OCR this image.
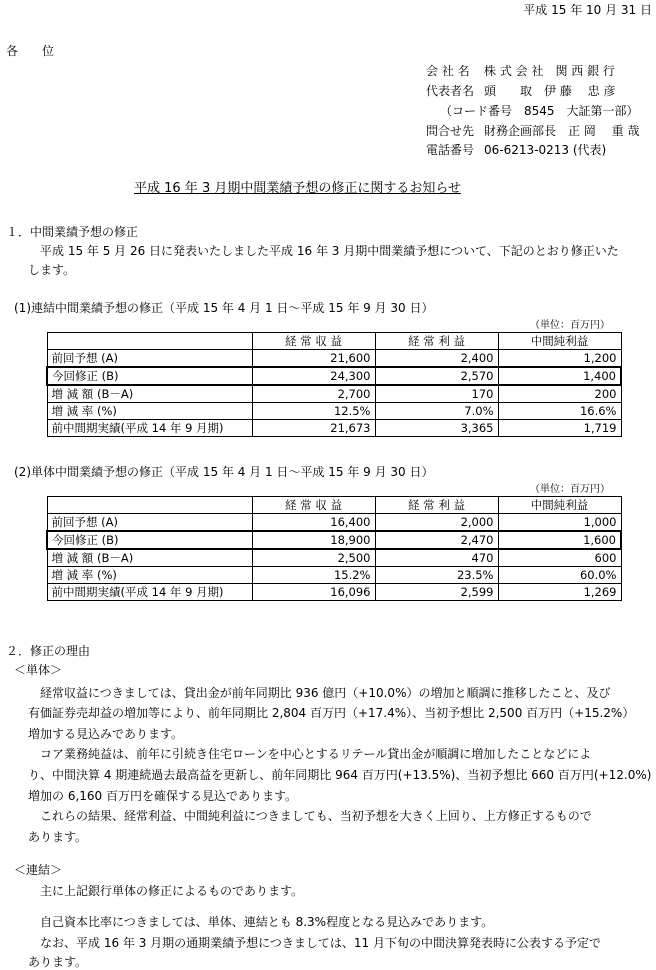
平成 15 年 10 月 31 日
各　　位
会 社 名 株 式 会 社　関 西 銀 行
代表者名 頭　　取　伊 藤　 忠 彦
（コード番号　8545　大証第一部）
問合せ先 財務企画部長　正 岡　 重 哉
電話番号 06-6213-0213 (代表)
平成 16 年 3 月期中間業績予想の修正に関するお知らせ
１．中間業績予想の修正
平成 15 年 5 月 26 日に発表いたしました平成 16 年 3 月期中間業績予想について、下記のとおり修正いた
します。
(1)連結中間業績予想の修正（平成 15 年 4 月 1 日～平成 15 年 9 月 30 日）
（単位：百万円）
	経 常 収 益	経 常 利 益	中間純利益
前回予想 (A)	21,600	2,400	1,200
今回修正 (B)	24,300	2,570	1,400
増 減 額 (B－A)	2,700	170	200
増 減 率 (%)	12.5%	7.0%	16.6%
前中間期実績(平成 14 年 9 月期)	21,673	3,365	1,719
(2)単体中間業績予想の修正（平成 15 年 4 月 1 日～平成 15 年 9 月 30 日）
（単位：百万円）
	経 常 収 益	経 常 利 益	中間純利益
前回予想 (A)	16,400	2,000	1,000
今回修正 (B)	18,900	2,470	1,600
増 減 額 (B－A)	2,500	470	600
増 減 率 (%)	15.2%	23.5%	60.0%
前中間期実績(平成 14 年 9 月期)	16,096	2,599	1,269
２．修正の理由
＜単体＞
経常収益につきましては、貸出金が前年同期比 936 億円（+10.0%）の増加と順調に推移したこと、及び
有価証券売却益の増加等により、前年同期比 2,804 百万円（+17.4%）、当初予想比 2,500 百万円（+15.2%）
増加する見込みであります。
コア業務純益は、前年に引続き住宅ローンを中心とするリテール貸出金が順調に増加したことなどによ
り、中間決算 4 期連続過去最高益を更新し、前年同期比 964 百万円(+13.5%)、当初予想比 660 百万円(+12.0%)
増加の 6,160 百万円を確保する見込であります。
これらの結果、経常利益、中間純利益につきましても、当初予想を大きく上回り、上方修正するもので
あります。
＜連結＞
主に上記銀行単体の修正によるものであります。
自己資本比率につきましては、単体、連結とも 8.3%程度となる見込みであります。
なお、平成 16 年 3 月期の通期業績予想につきましては、11 月下旬の中間決算発表時に公表する予定で
あります。
